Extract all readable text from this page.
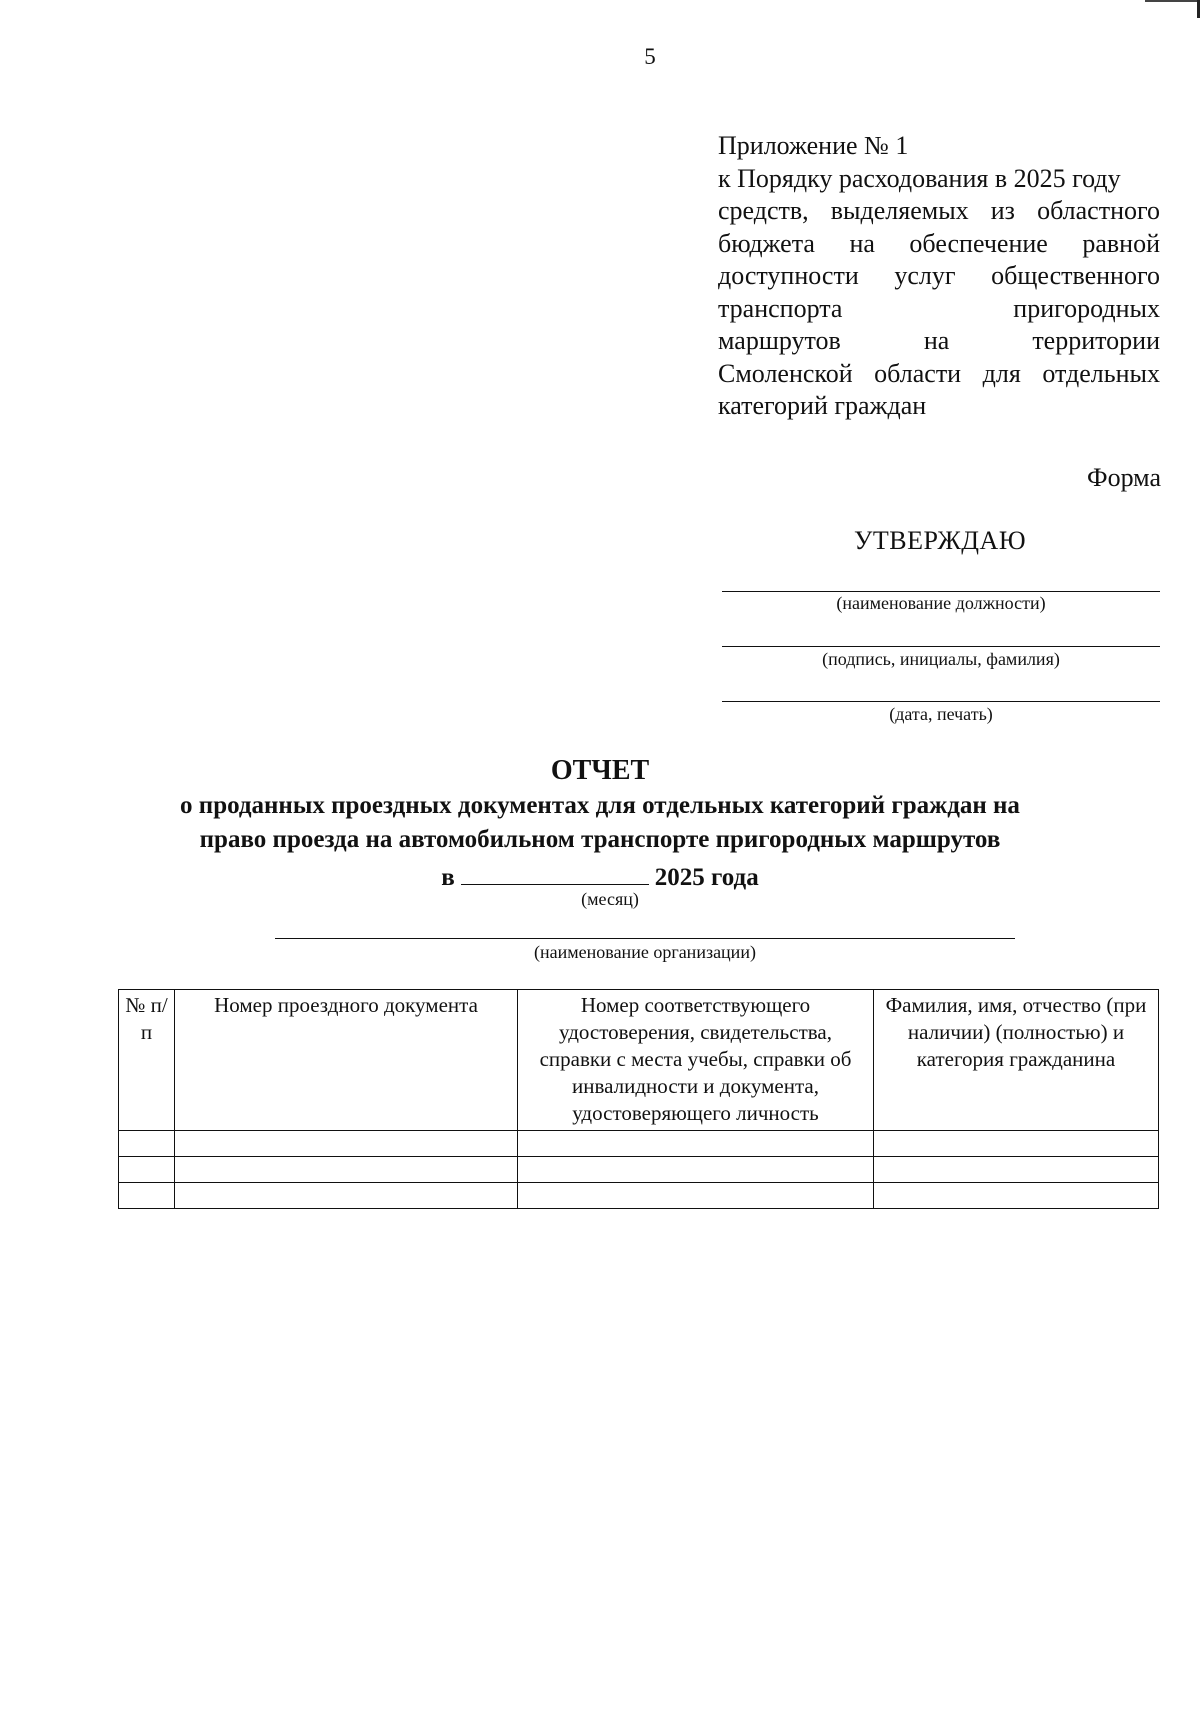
5
Приложение № 1
к Порядку расходования в 2025 году
средств, выделяемых из областного
бюджета на обеспечение равной
доступности услуг общественного
транспорта пригородных
маршрутов на территории
Смоленской области для отдельных
категорий граждан
Форма
УТВЕРЖДАЮ
(наименование должности)
(подпись, инициалы, фамилия)
(дата, печать)
ОТЧЕТ
о проданных проездных документах для отдельных категорий граждан на
право проезда на автомобильном транспорте пригородных маршрутов
в	2025 года
(месяц)
(наименование организации)
№ п/п	Номер проездного документа	Номер соответствующего удостоверения, свидетельства, справки с места учебы, справки об инвалидности и документа, удостоверяющего личность	Фамилия, имя, отчество (при наличии) (полностью) и категория гражданина
